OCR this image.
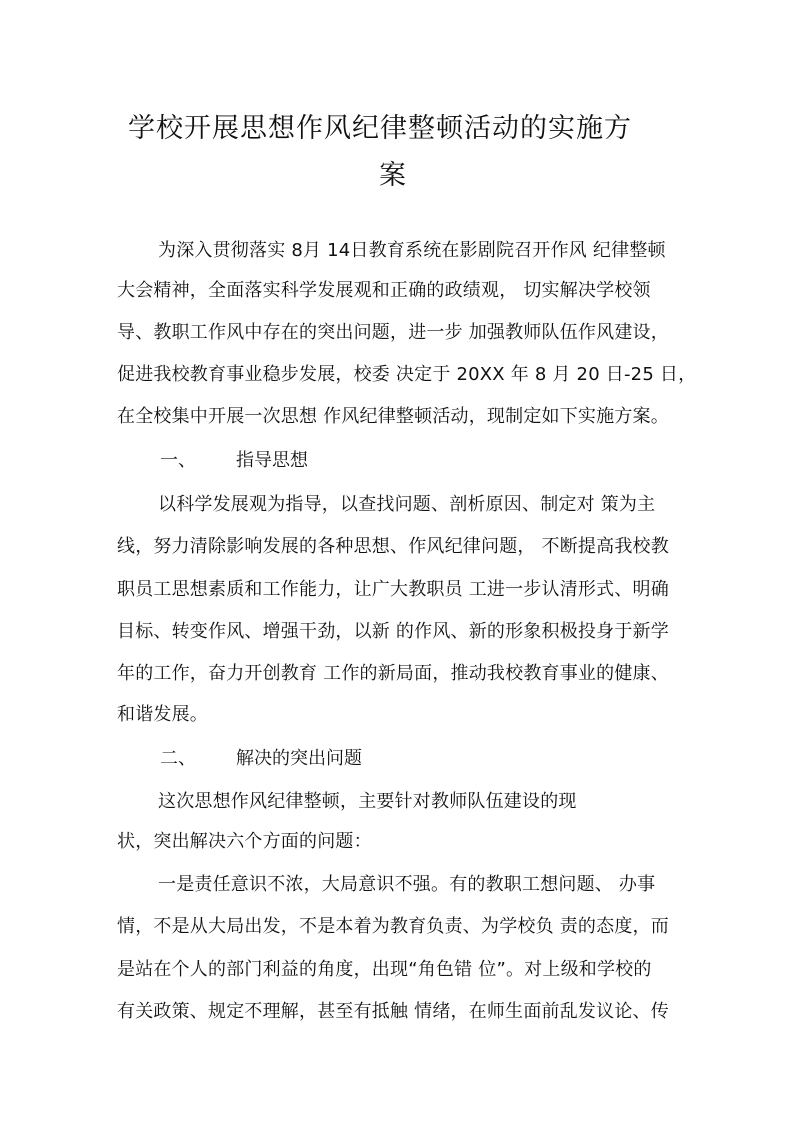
学校开展思想作风纪律整顿活动的实施方
案
为深入贯彻落实 8月 14日教育系统在影剧院召开作风 纪律整顿
大会精神，全面落实科学发展观和正确的政绩观， 切实解决学校领
导、教职工作风中存在的突出问题，进一步 加强教师队伍作风建设，
促进我校教育事业稳步发展，校委 决定于 20XX 年 8 月 20 日-25 日，
在全校集中开展一次思想 作风纪律整顿活动，现制定如下实施方案。
一、 指导思想
以科学发展观为指导，以查找问题、剖析原因、制定对 策为主
线，努力清除影响发展的各种思想、作风纪律问题， 不断提高我校教
职员工思想素质和工作能力，让广大教职员 工进一步认清形式、明确
目标、转变作风、增强干劲，以新 的作风、新的形象积极投身于新学
年的工作，奋力开创教育 工作的新局面，推动我校教育事业的健康、
和谐发展。
二、 解决的突出问题
这次思想作风纪律整顿，主要针对教师队伍建设的现
状，突出解决六个方面的问题：
一是责任意识不浓，大局意识不强。有的教职工想问题、 办事
情，不是从大局出发，不是本着为教育负责、为学校负 责的态度，而
是站在个人的部门利益的角度，出现“角色错 位”。对上级和学校的
有关政策、规定不理解，甚至有抵触 情绪，在师生面前乱发议论、传
